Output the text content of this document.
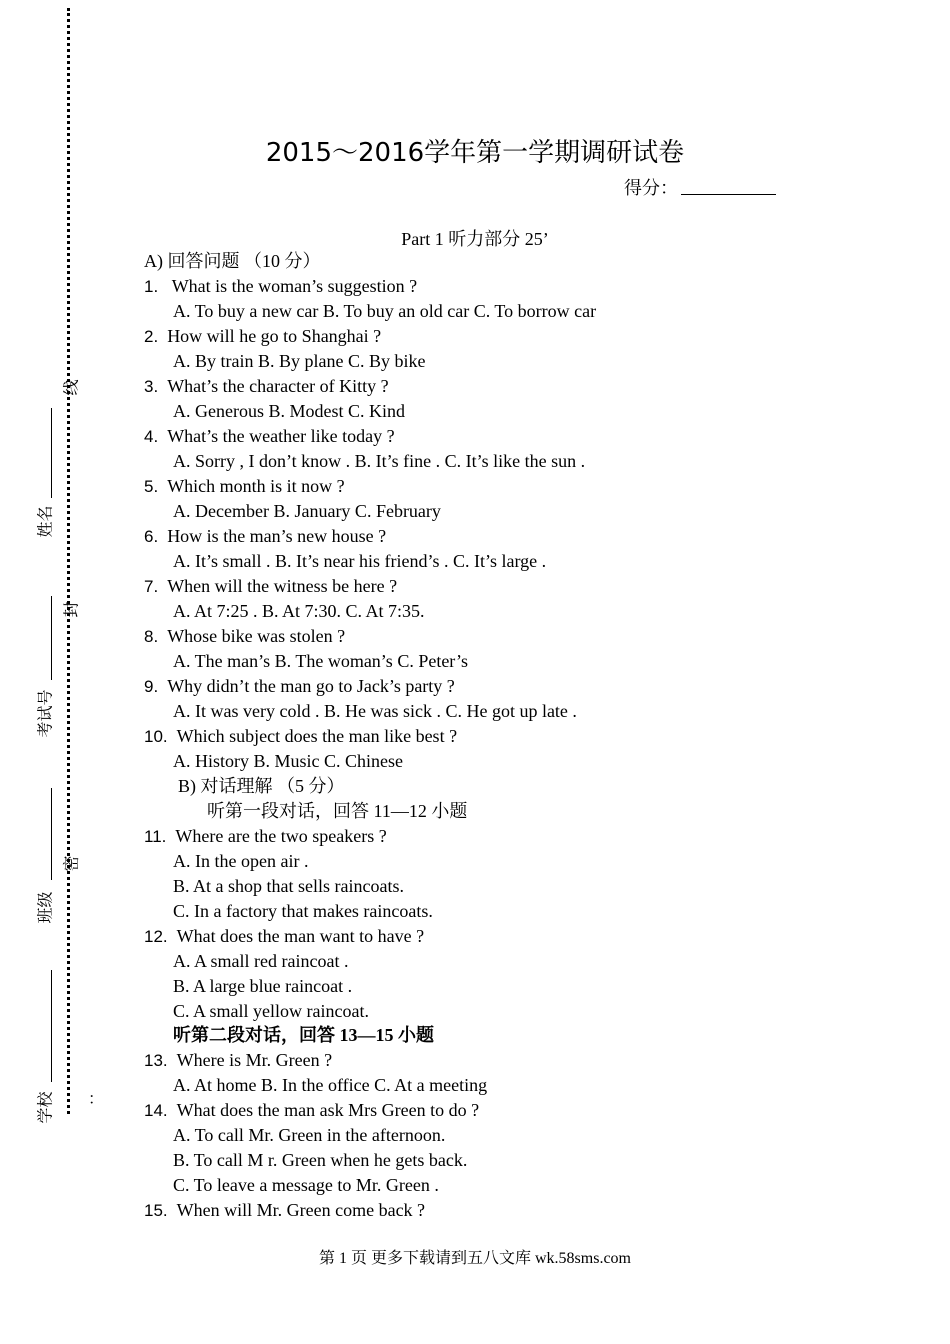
线
封
密
姓名
考试号
班级
学校 ：
2015～2016学年第一学期调研试卷
得分：
Part 1 听力部分 25’
A) 回答问题 （10 分）
1. What is the woman’s suggestion ?
A. To buy a new car B. To buy an old car C. To borrow car
2. How will he go to Shanghai ?
A. By train B. By plane C. By bike
3. What’s the character of Kitty ?
A. Generous B. Modest C. Kind
4. What’s the weather like today ?
A. Sorry , I don’t know . B. It’s fine . C. It’s like the sun .
5. Which month is it now ?
A. December B. January C. February
6. How is the man’s new house ?
A. It’s small . B. It’s near his friend’s . C. It’s large .
7. When will the witness be here ?
A. At 7:25 . B. At 7:30. C. At 7:35.
8. Whose bike was stolen ?
A. The man’s B. The woman’s C. Peter’s
9. Why didn’t the man go to Jack’s party ?
A. It was very cold . B. He was sick . C. He got up late .
10. Which subject does the man like best ?
A. History B. Music C. Chinese
B) 对话理解 （5 分）
听第一段对话，回答 11—12 小题
11. Where are the two speakers ?
A. In the open air .
B. At a shop that sells raincoats.
C. In a factory that makes raincoats.
12. What does the man want to have ?
A. A small red raincoat .
B. A large blue raincoat .
C. A small yellow raincoat.
听第二段对话，回答 13—15 小题
13. Where is Mr. Green ?
A. At home B. In the office C. At a meeting
14. What does the man ask Mrs Green to do ?
A. To call Mr. Green in the afternoon.
B. To call M r. Green when he gets back.
C. To leave a message to Mr. Green .
15. When will Mr. Green come back ?
第 1 页 更多下载请到五八文库 wk.58sms.com
